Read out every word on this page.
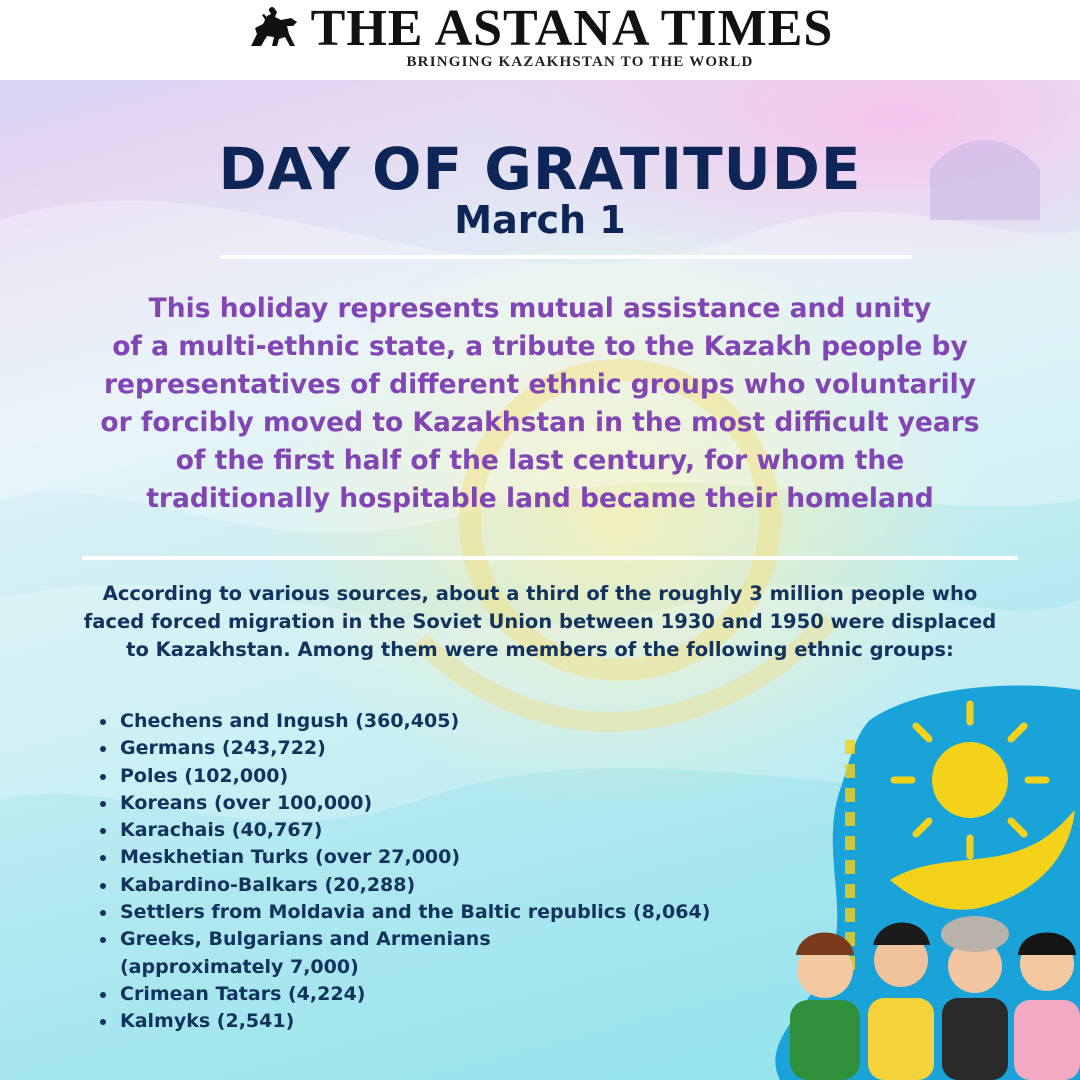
THE ASTANA TIMES
BRINGING KAZAKHSTAN TO THE WORLD
DAY OF GRATITUDE
March 1
This holiday represents mutual assistance and unity
of a multi-ethnic state, a tribute to the Kazakh people by
representatives of different ethnic groups who voluntarily
or forcibly moved to Kazakhstan in the most difficult years
of the first half of the last century, for whom the
traditionally hospitable land became their homeland
According to various sources, about a third of the roughly 3 million people who
faced forced migration in the Soviet Union between 1930 and 1950 were displaced
to Kazakhstan. Among them were members of the following ethnic groups:
Chechens and Ingush (360,405)
Germans (243,722)
Poles (102,000)
Koreans (over 100,000)
Karachais (40,767)
Meskhetian Turks (over 27,000)
Kabardino-Balkars (20,288)
Settlers from Moldavia and the Baltic republics (8,064)
Greeks, Bulgarians and Armenians
(approximately 7,000)
Crimean Tatars (4,224)
Kalmyks (2,541)
